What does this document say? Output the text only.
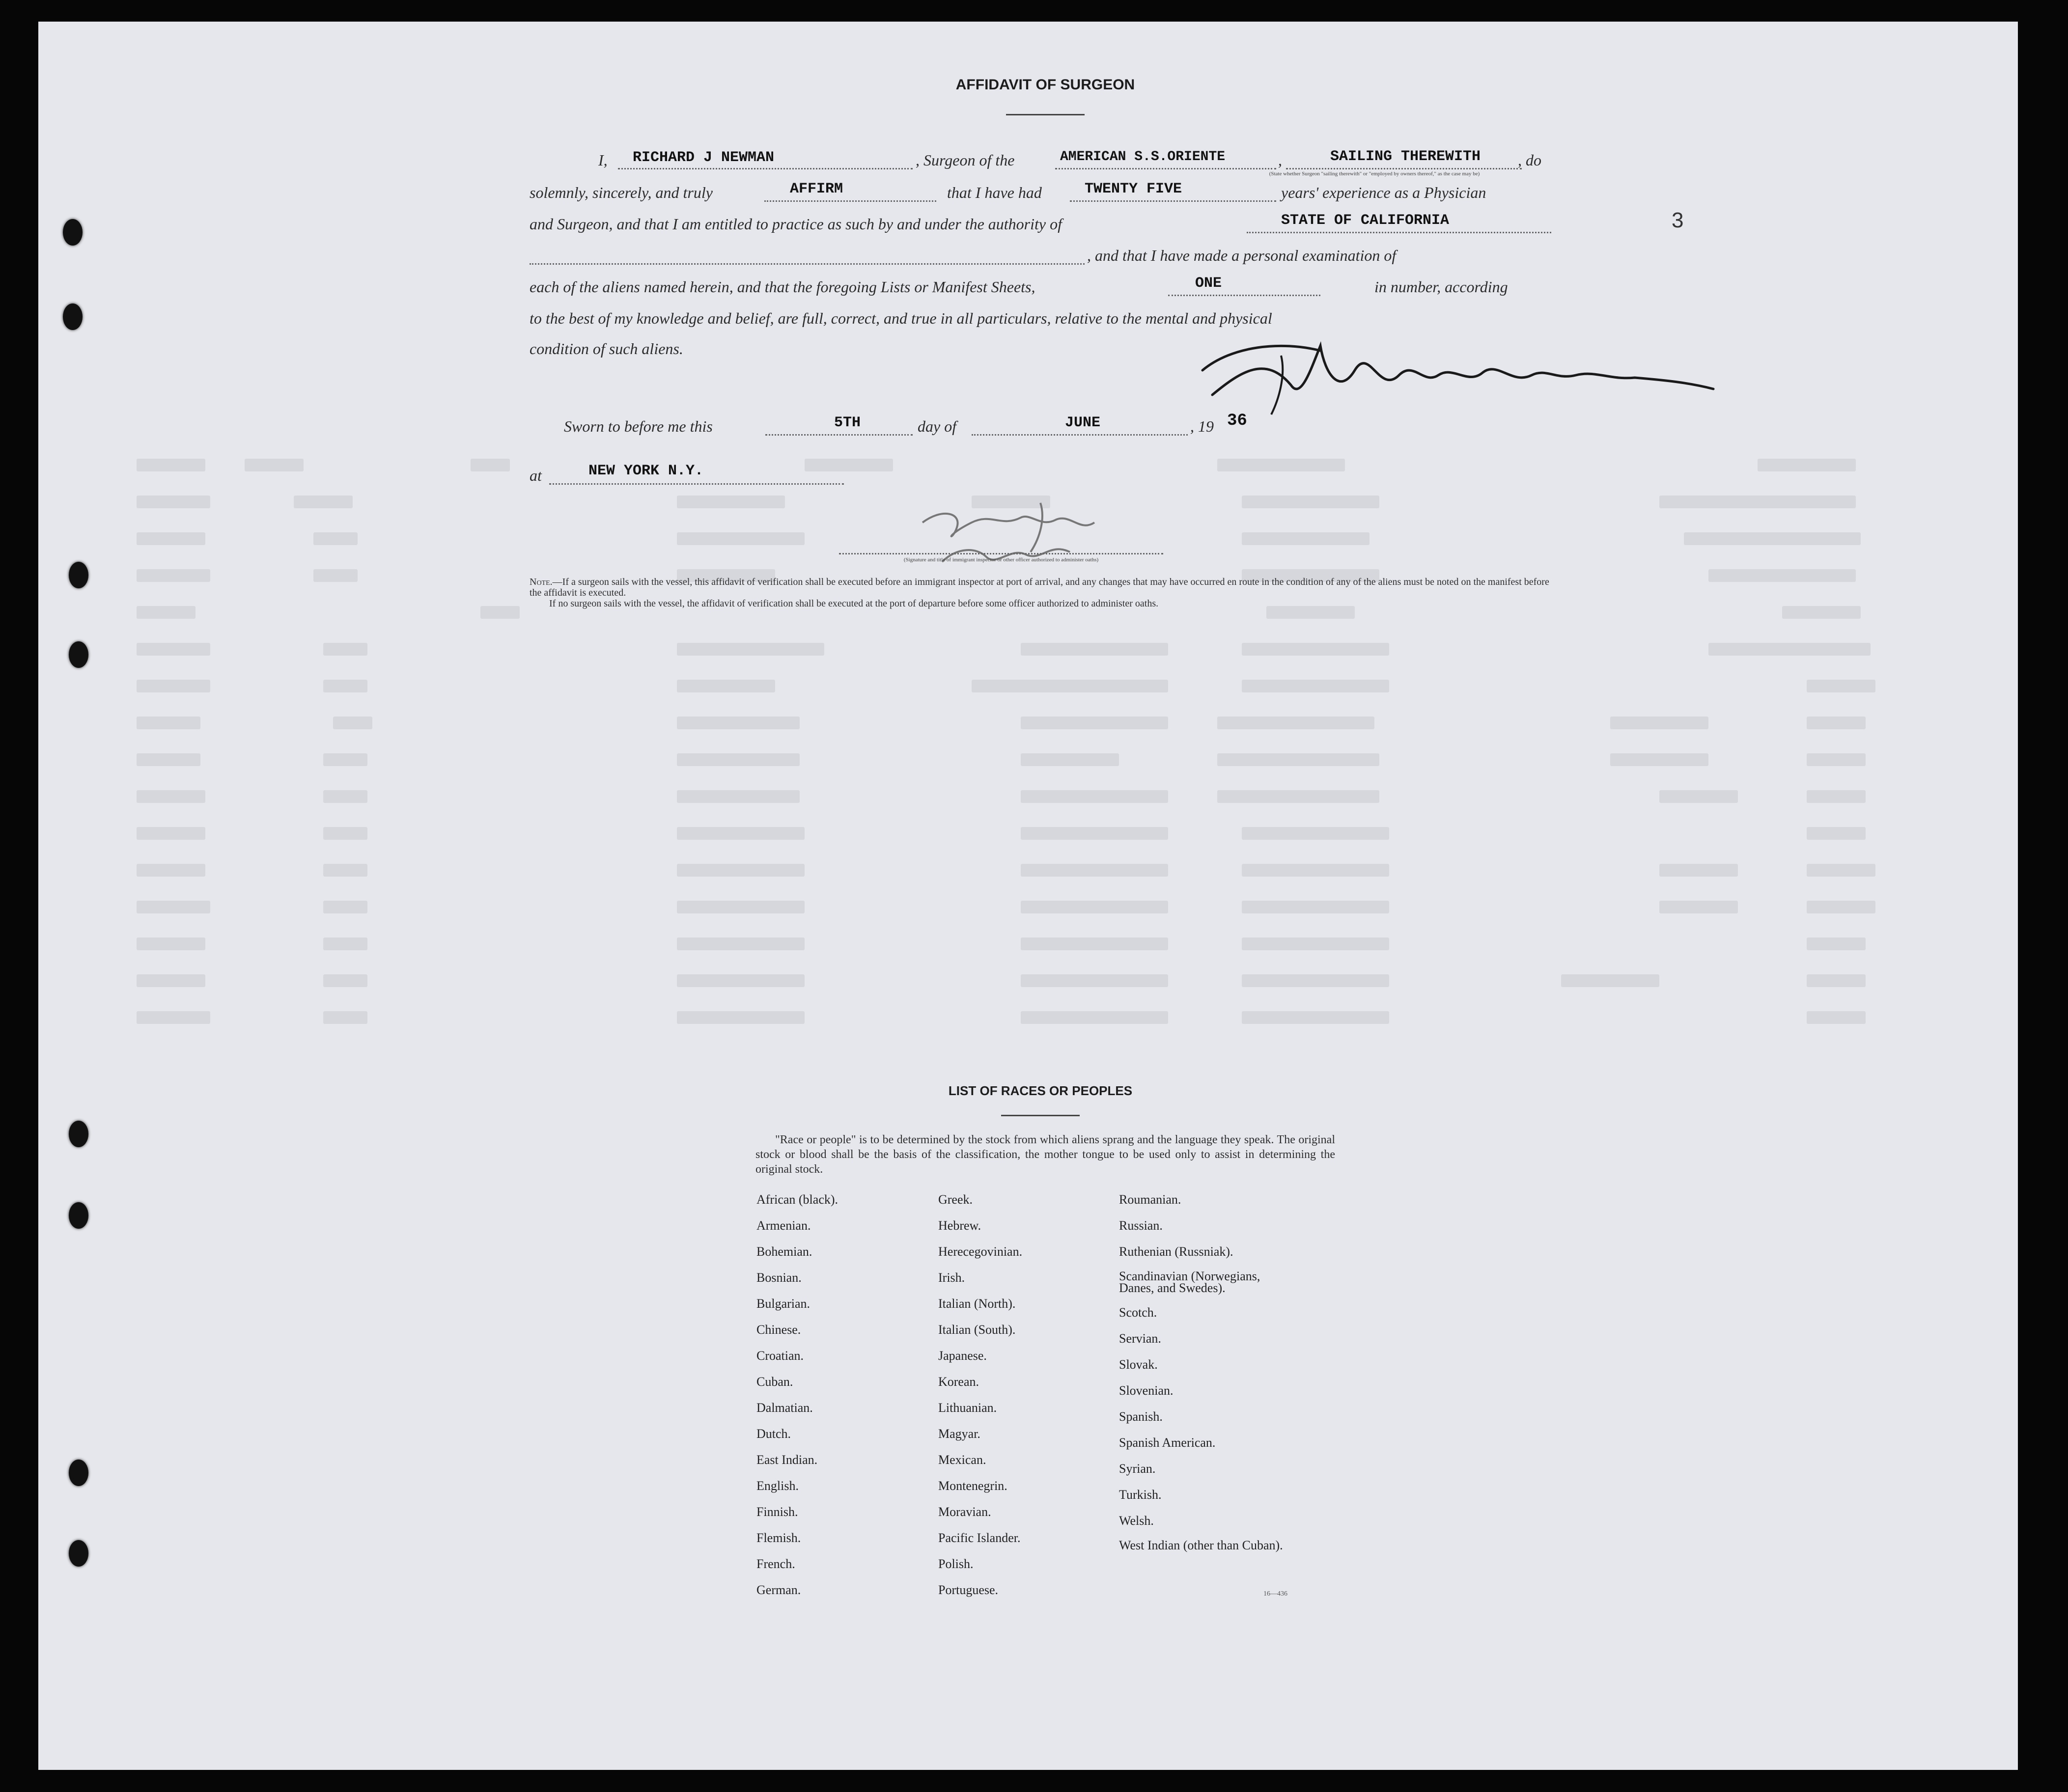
3
AFFIDAVIT OF SURGEON
I, RICHARD J NEWMAN	, Surgeon of the	AMERICAN S.S.ORIENTE	,	SAILING THEREWITH , do
(State whether Surgeon "sailing therewith" or "employed by owners thereof," as the case may be)
solemnly, sincerely, and truly	AFFIRM	that I have had	TWENTY FIVE	years' experience as a Physician
and Surgeon, and that I am entitled to practice as such by and under the authority of	STATE OF CALIFORNIA
, and that I have made a personal examination of
each of the aliens named herein, and that the foregoing Lists or Manifest Sheets,	ONE	in number, according
to the best of my knowledge and belief, are full, correct, and true in all particulars, relative to the mental and physical
condition of such aliens.
Sworn to before me this	5TH	day of	JUNE	, 19 36
at	NEW YORK N.Y.
(Signature and title of immigrant inspector or other officer authorized to administer oaths)
Note.—If a surgeon sails with the vessel, this affidavit of verification shall be executed before an immigrant inspector at port of arrival, and any changes that may have occurred en route in the condition of any of the aliens must be noted on the manifest before the affidavit is executed.
If no surgeon sails with the vessel, the affidavit of verification shall be executed at the port of departure before some officer authorized to administer oaths.
LIST OF RACES OR PEOPLES
"Race or people" is to be determined by the stock from which aliens sprang and the language they speak. The original stock or blood shall be the basis of the classification, the mother tongue to be used only to assist in determining the original stock.
African (black).
Armenian.
Bohemian.
Bosnian.
Bulgarian.
Chinese.
Croatian.
Cuban.
Dalmatian.
Dutch.
East Indian.
English.
Finnish.
Flemish.
French.
German.
Greek.
Hebrew.
Herecegovinian.
Irish.
Italian (North).
Italian (South).
Japanese.
Korean.
Lithuanian.
Magyar.
Mexican.
Montenegrin.
Moravian.
Pacific Islander.
Polish.
Portuguese.
Roumanian.
Russian.
Ruthenian (Russniak).
Scandinavian (Norwegians, Danes, and Swedes).
Scotch.
Servian.
Slovak.
Slovenian.
Spanish.
Spanish American.
Syrian.
Turkish.
Welsh.
West Indian (other than Cuban).
16—436
